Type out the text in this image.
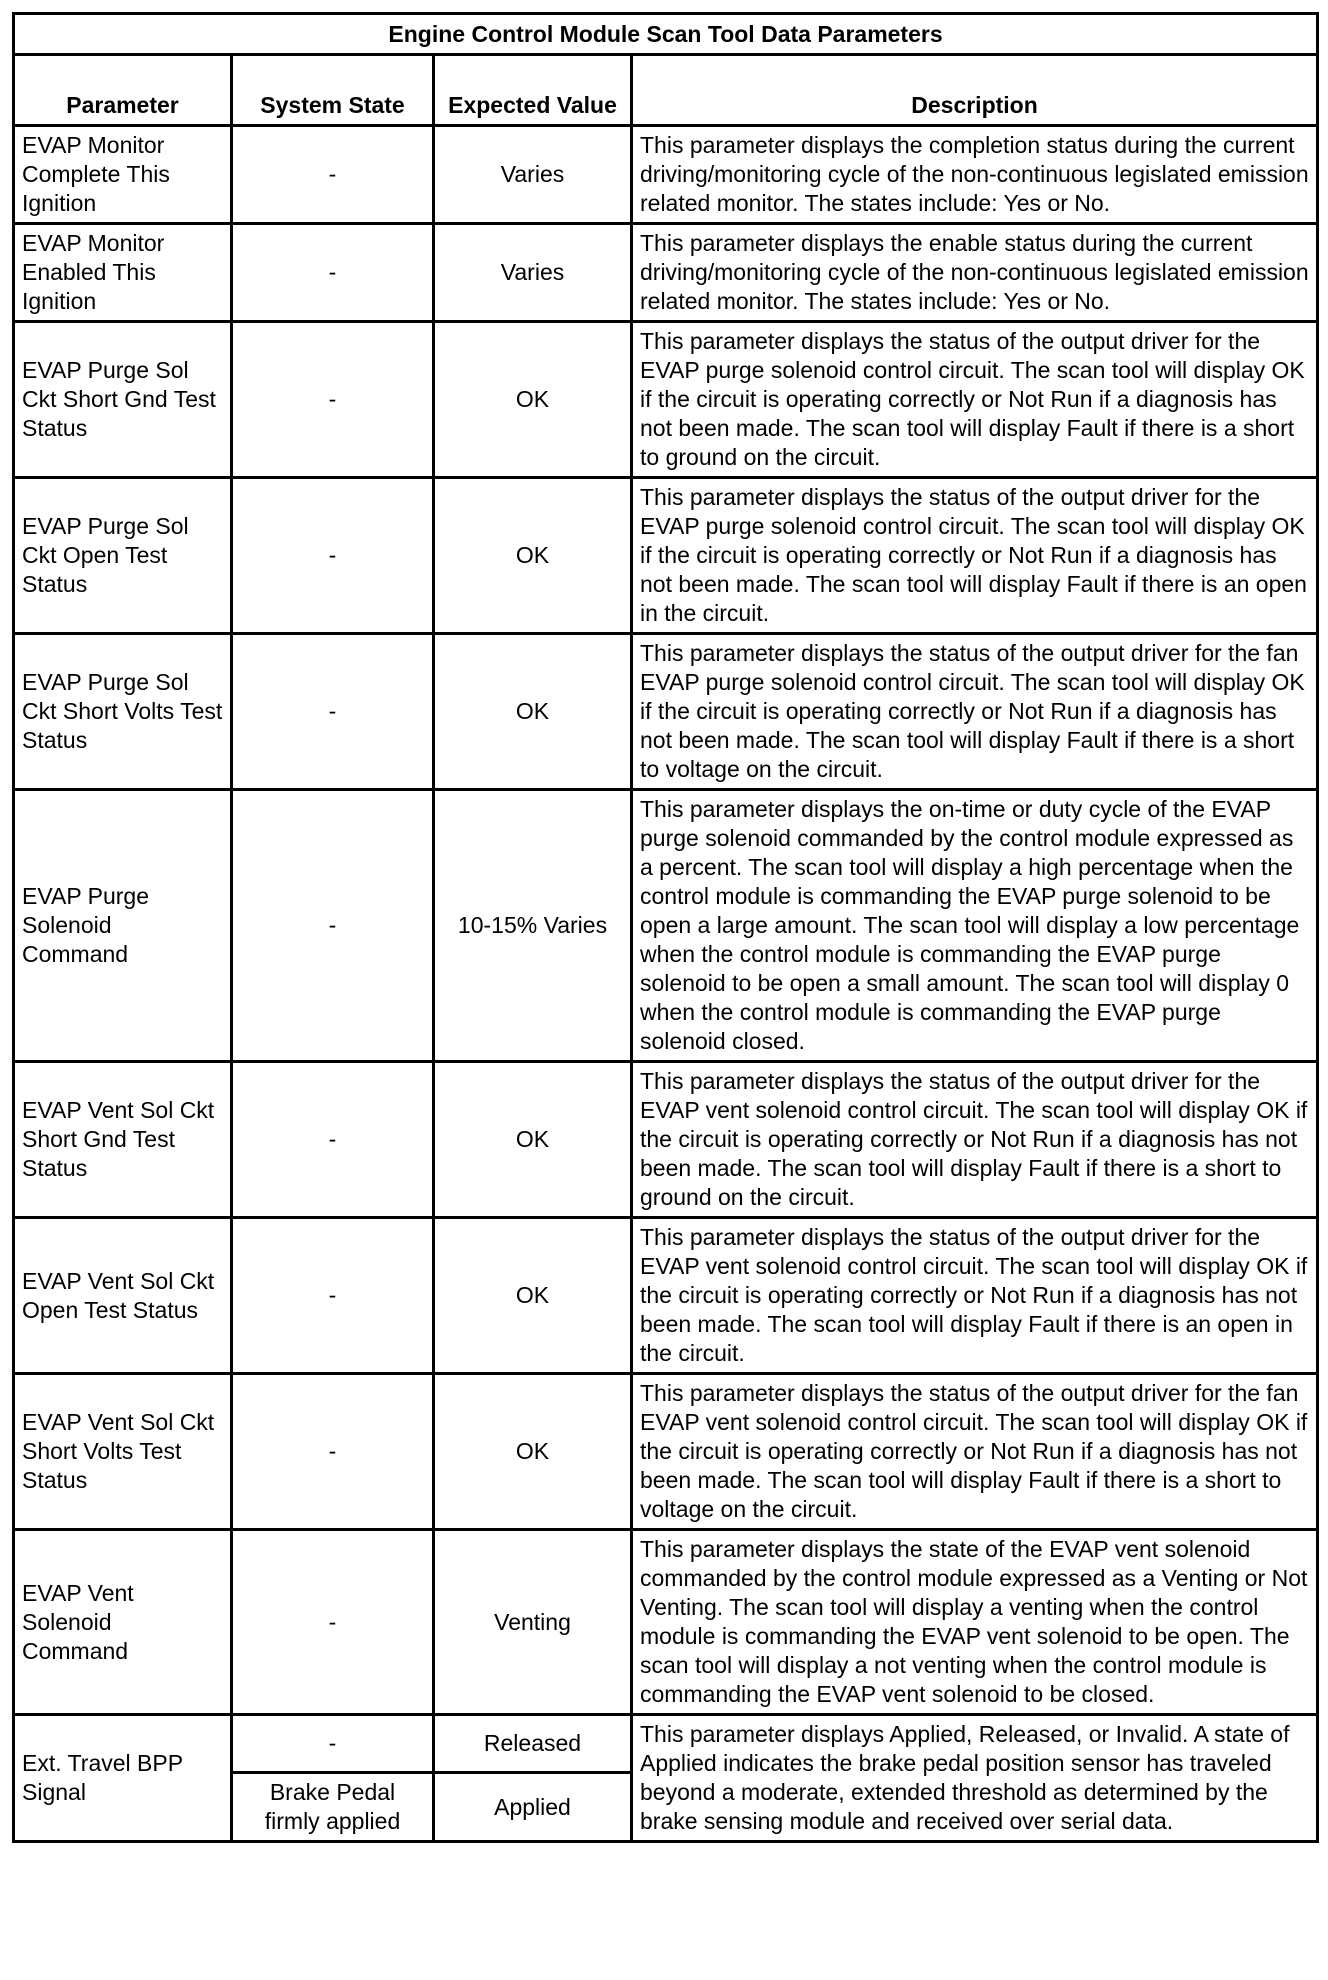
Engine Control Module Scan Tool Data Parameters			
Parameter	System State	Expected Value	Description
EVAP Monitor Complete This Ignition	-	Varies	This parameter displays the completion status during the current driving/monitoring cycle of the non-continuous legislated emission related monitor. The states include: Yes or No.
EVAP Monitor Enabled This Ignition	-	Varies	This parameter displays the enable status during the current driving/monitoring cycle of the non-continuous legislated emission related monitor. The states include: Yes or No.
EVAP Purge Sol Ckt Short Gnd Test Status	-	OK	This parameter displays the status of the output driver for the EVAP purge solenoid control circuit. The scan tool will display OK if the circuit is operating correctly or Not Run if a diagnosis has not been made. The scan tool will display Fault if there is a short to ground on the circuit.
EVAP Purge Sol Ckt Open Test Status	-	OK	This parameter displays the status of the output driver for the EVAP purge solenoid control circuit. The scan tool will display OK if the circuit is operating correctly or Not Run if a diagnosis has not been made. The scan tool will display Fault if there is an open in the circuit.
EVAP Purge Sol Ckt Short Volts Test Status	-	OK	This parameter displays the status of the output driver for the fan EVAP purge solenoid control circuit. The scan tool will display OK if the circuit is operating correctly or Not Run if a diagnosis has not been made. The scan tool will display Fault if there is a short to voltage on the circuit.
EVAP Purge Solenoid Command	-	10-15% Varies	This parameter displays the on-time or duty cycle of the EVAP purge solenoid commanded by the control module expressed as a percent. The scan tool will display a high percentage when the control module is commanding the EVAP purge solenoid to be open a large amount. The scan tool will display a low percentage when the control module is commanding the EVAP purge solenoid to be open a small amount. The scan tool will display 0 when the control module is commanding the EVAP purge solenoid closed.
EVAP Vent Sol Ckt Short Gnd Test Status	-	OK	This parameter displays the status of the output driver for the EVAP vent solenoid control circuit. The scan tool will display OK if the circuit is operating correctly or Not Run if a diagnosis has not been made. The scan tool will display Fault if there is a short to ground on the circuit.
EVAP Vent Sol Ckt Open Test Status	-	OK	This parameter displays the status of the output driver for the EVAP vent solenoid control circuit. The scan tool will display OK if the circuit is operating correctly or Not Run if a diagnosis has not been made. The scan tool will display Fault if there is an open in the circuit.
EVAP Vent Sol Ckt Short Volts Test Status	-	OK	This parameter displays the status of the output driver for the fan EVAP vent solenoid control circuit. The scan tool will display OK if the circuit is operating correctly or Not Run if a diagnosis has not been made. The scan tool will display Fault if there is a short to voltage on the circuit.
EVAP Vent Solenoid Command	-	Venting	This parameter displays the state of the EVAP vent solenoid commanded by the control module expressed as a Venting or Not Venting. The scan tool will display a venting when the control module is commanding the EVAP vent solenoid to be open. The scan tool will display a not venting when the control module is commanding the EVAP vent solenoid to be closed.
Ext. Travel BPP Signal	-	Released	This parameter displays Applied, Released, or Invalid. A state of Applied indicates the brake pedal position sensor has traveled beyond a moderate, extended threshold as determined by the brake sensing module and received over serial data.
	Brake Pedal firmly applied	Applied	
